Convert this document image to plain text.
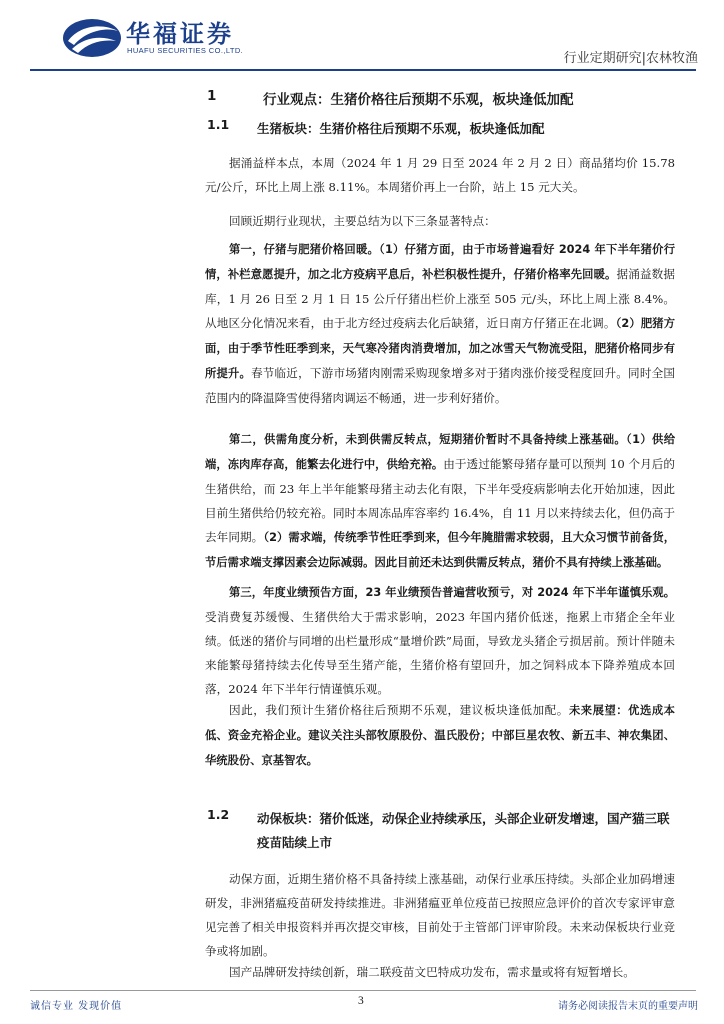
华福证券
HUAFU SECURITIES CO.,LTD.
行业定期研究|农林牧渔
1	行业观点：生猪价格往后预期不乐观，板块逢低加配
1.1 生猪板块：生猪价格往后预期不乐观，板块逢低加配

据涌益样本点，本周（2024 年 1 月 29 日至 2024 年 2 月 2 日）商品猪均价 15.78 元/公斤，环比上周上涨 8.11%。本周猪价再上一台阶，站上 15 元大关。

回顾近期行业现状，主要总结为以下三条显著特点：

第一，仔猪与肥猪价格回暖。（1）仔猪方面，由于市场普遍看好 2024 年下半年猪价行情，补栏意愿提升，加之北方疫病平息后，补栏积极性提升，仔猪价格率先回暖。据涌益数据库，1 月 26 日至 2 月 1 日 15 公斤仔猪出栏价上涨至 505 元/头，环比上周上涨 8.4%。从地区分化情况来看，由于北方经过疫病去化后缺猪，近日南方仔猪正在北调。（2）肥猪方面，由于季节性旺季到来，天气寒冷猪肉消费增加，加之冰雪天气物流受阻，肥猪价格同步有所提升。春节临近，下游市场猪肉刚需采购现象增多对于猪肉涨价接受程度回升。同时全国范围内的降温降雪使得猪肉调运不畅通，进一步利好猪价。

第二，供需角度分析，未到供需反转点，短期猪价暂时不具备持续上涨基础。（1）供给端，冻肉库存高，能繁去化进行中，供给充裕。由于透过能繁母猪存量可以预判 10 个月后的生猪供给，而 23 年上半年能繁母猪主动去化有限，下半年受疫病影响去化开始加速，因此目前生猪供给仍较充裕。同时本周冻品库容率约 16.4%，自 11 月以来持续去化，但仍高于去年同期。（2）需求端，传统季节性旺季到来，但今年腌腊需求较弱，且大众习惯节前备货，节后需求端支撑因素会边际减弱。因此目前还未达到供需反转点，猪价不具有持续上涨基础。

第三，年度业绩预告方面，23 年业绩预告普遍营收预亏，对 2024 年下半年谨慎乐观。受消费复苏缓慢、生猪供给大于需求影响，2023 年国内猪价低迷，拖累上市猪企全年业绩。低迷的猪价与同增的出栏量形成“量增价跌”局面，导致龙头猪企亏损居前。预计伴随未来能繁母猪持续去化传导至生猪产能，生猪价格有望回升，加之饲料成本下降养殖成本回落，2024 年下半年行情谨慎乐观。

因此，我们预计生猪价格往后预期不乐观，建议板块逢低加配。未来展望：优选成本低、资金充裕企业。建议关注头部牧原股份、温氏股份；中部巨星农牧、新五丰、神农集团、华统股份、京基智农。

1.2 动保板块：猪价低迷，动保企业持续承压，头部企业研发增速，国产猫三联疫苗陆续上市

动保方面，近期生猪价格不具备持续上涨基础，动保行业承压持续。头部企业加码增速研发，非洲猪瘟疫苗研发持续推进。非洲猪瘟亚单位疫苗已按照应急评价的首次专家评审意见完善了相关申报资料并再次提交审核，目前处于主管部门评审阶段。未来动保板块行业竞争或将加剧。

国产品牌研发持续创新，瑞二联疫苗文巴特成功发布，需求量或将有短暂增长。

诚信专业 发现价值	3	请务必阅读报告末页的重要声明
